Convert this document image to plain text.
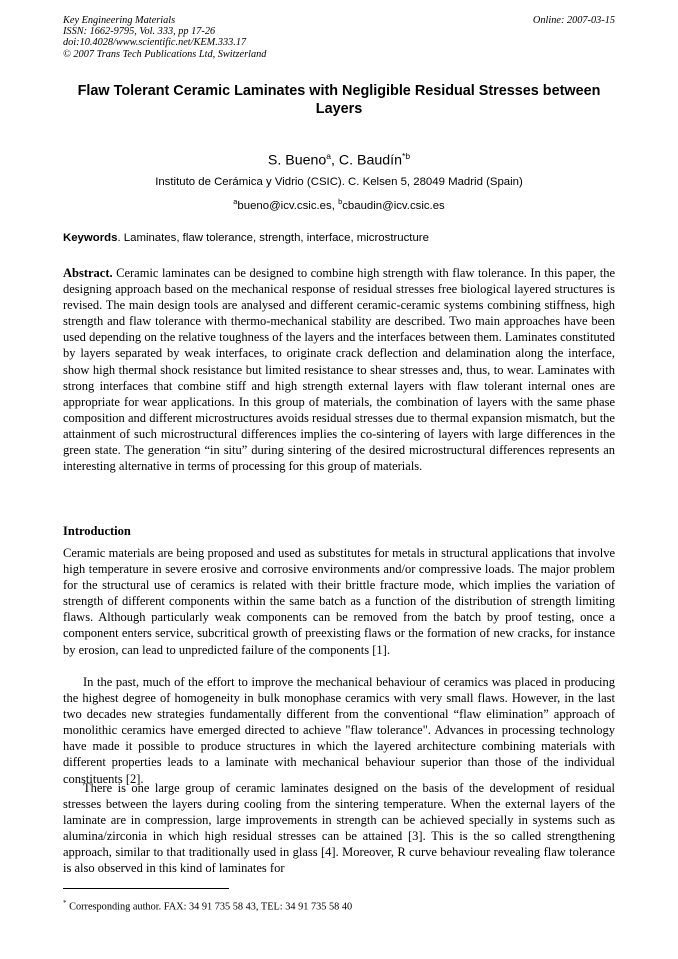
Key Engineering Materials
ISSN: 1662-9795, Vol. 333, pp 17-26
doi:10.4028/www.scientific.net/KEM.333.17
© 2007 Trans Tech Publications Ltd, Switzerland
Online: 2007-03-15
Flaw Tolerant Ceramic Laminates with Negligible Residual Stresses between Layers
S. Bueno$^a$, C. Baudín$^{*b}$
Instituto de Cerámica y Vidrio (CSIC). C. Kelsen 5, 28049 Madrid (Spain)
$^a$bueno@icv.csic.es, $^b$cbaudin@icv.csic.es
Keywords. Laminates, flaw tolerance, strength, interface, microstructure

Abstract. Ceramic laminates can be designed to combine high strength with flaw tolerance. In this paper, the designing approach based on the mechanical response of residual stresses free biological layered structures is revised. The main design tools are analysed and different ceramic-ceramic systems combining stiffness, high strength and flaw tolerance with thermo-mechanical stability are described. Two main approaches have been used depending on the relative toughness of the layers and the interfaces between them. Laminates constituted by layers separated by weak interfaces, to originate crack deflection and delamination along the interface, show high thermal shock resistance but limited resistance to shear stresses and, thus, to wear. Laminates with strong interfaces that combine stiff and high strength external layers with flaw tolerant internal ones are appropriate for wear applications. In this group of materials, the combination of layers with the same phase composition and different microstructures avoids residual stresses due to thermal expansion mismatch, but the attainment of such microstructural differences implies the co-sintering of layers with large differences in the green state. The generation “in situ” during sintering of the desired microstructural differences represents an interesting alternative in terms of processing for this group of materials.

Introduction

Ceramic materials are being proposed and used as substitutes for metals in structural applications that involve high temperature in severe erosive and corrosive environments and/or compressive loads. The major problem for the structural use of ceramics is related with their brittle fracture mode, which implies the variation of strength of different components within the same batch as a function of the distribution of strength limiting flaws. Although particularly weak components can be removed from the batch by proof testing, once a component enters service, subcritical growth of preexisting flaws or the formation of new cracks, for instance by erosion, can lead to unpredicted failure of the components [1].

In the past, much of the effort to improve the mechanical behaviour of ceramics was placed in producing the highest degree of homogeneity in bulk monophase ceramics with very small flaws. However, in the last two decades new strategies fundamentally different from the conventional “flaw elimination” approach of monolithic ceramics have emerged directed to achieve "flaw tolerance". Advances in processing technology have made it possible to produce structures in which the layered architecture combining materials with different properties leads to a laminate with mechanical behaviour superior than those of the individual constituents [2].

There is one large group of ceramic laminates designed on the basis of the development of residual stresses between the layers during cooling from the sintering temperature. When the external layers of the laminate are in compression, large improvements in strength can be achieved specially in systems such as alumina/zirconia in which high residual stresses can be attained [3]. This is the so called strengthening approach, similar to that traditionally used in glass [4]. Moreover, R curve behaviour revealing flaw tolerance is also observed in this kind of laminates for

* Corresponding author. FAX: 34 91 735 58 43, TEL: 34 91 735 58 40
